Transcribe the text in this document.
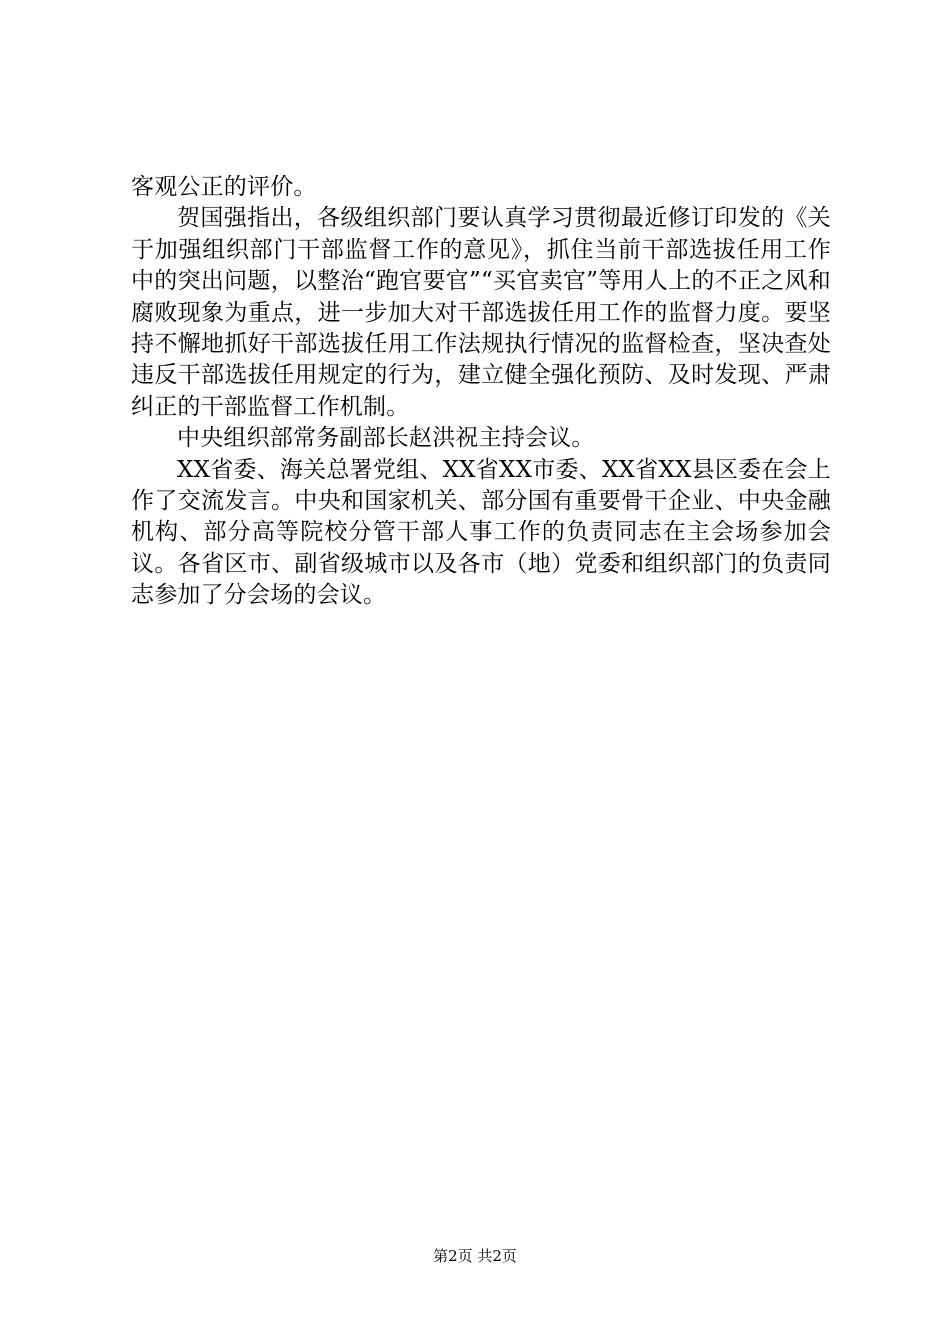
客观公正的评价。

贺国强指出，各级组织部门要认真学习贯彻最近修订印发的《关于加强组织部门干部监督工作的意见》，抓住当前干部选拔任用工作中的突出问题，以整治“跑官要官”“买官卖官”等用人上的不正之风和腐败现象为重点，进一步加大对干部选拔任用工作的监督力度。要坚持不懈地抓好干部选拔任用工作法规执行情况的监督检查，坚决查处违反干部选拔任用规定的行为，建立健全强化预防、及时发现、严肃纠正的干部监督工作机制。

中央组织部常务副部长赵洪祝主持会议。

XX省委、海关总署党组、XX省XX市委、XX省XX县区委在会上作了交流发言。中央和国家机关、部分国有重要骨干企业、中央金融机构、部分高等院校分管干部人事工作的负责同志在主会场参加会议。各省区市、副省级城市以及各市（地）党委和组织部门的负责同志参加了分会场的会议。

第2页 共2页
